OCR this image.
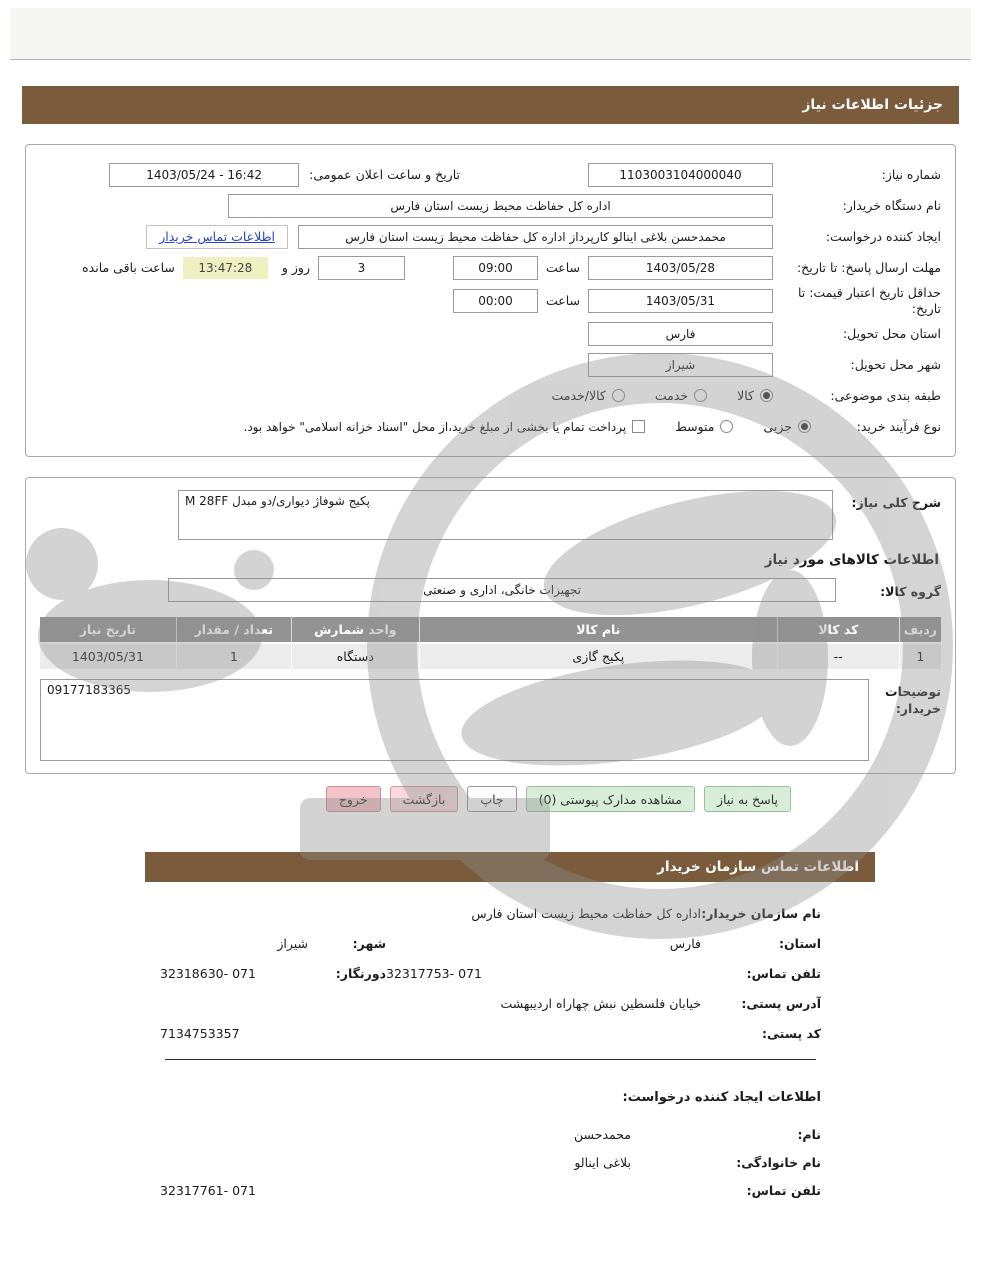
جزئیات اطلاعات نیاز
شماره نیاز:
1103003104000040
تاریخ و ساعت اعلان عمومی:
1403/05/24 - 16:42
نام دستگاه خریدار:
اداره کل حفاظت محیط زیست استان فارس
ایجاد کننده درخواست:
محمدحسن بلاغی اینالو کارپرداز اداره کل حفاظت محیط زیست استان فارس
اطلاعات تماس خریدار
مهلت ارسال پاسخ: تا تاریخ:
1403/05/28
ساعت
09:00
3
روز و
13:47:28
ساعت باقی مانده
حداقل تاریخ اعتبار قیمت: تا تاریخ:
1403/05/31
ساعت
00:00
استان محل تحویل:
فارس
شهر محل تحویل:
شیراز
طبقه بندی موضوعی:
کالا
خدمت
کالا/خدمت
نوع فرآیند خرید:
جزیی
متوسط
پرداخت تمام یا بخشی از مبلغ خرید،از محل "اسناد خزانه اسلامی" خواهد بود.
شرح کلی نیاز:
پکیج شوفاژ دیواری/دو مبدل M 28FF
اطلاعات کالاهای مورد نیاز
گروه کالا:
تجهیزات خانگی، اداری و صنعتی
ردیف	کد کالا	نام کالا	واحد شمارش	تعداد / مقدار	تاریخ نیاز
1	--	پکیج گازی	دستگاه	1	1403/05/31
توضیحات خریدار:
09177183365
پاسخ به نیاز
مشاهده مدارک پیوستی (0)
چاپ
بازگشت
خروج
اطلاعات تماس سازمان خریدار
نام سازمان خریدار:
اداره کل حفاظت محیط زیست استان فارس
استان:
فارس
شهر:
شیراز
تلفن تماس:
32317753- 071
دورنگار:
32318630- 071
آدرس پستی:
خیابان فلسطین نبش چهاراه اردیبهشت
کد پستی:
7134753357
اطلاعات ایجاد کننده درخواست:
نام:
محمدحسن
نام خانوادگی:
بلاغی اینالو
تلفن تماس:
32317761- 071
